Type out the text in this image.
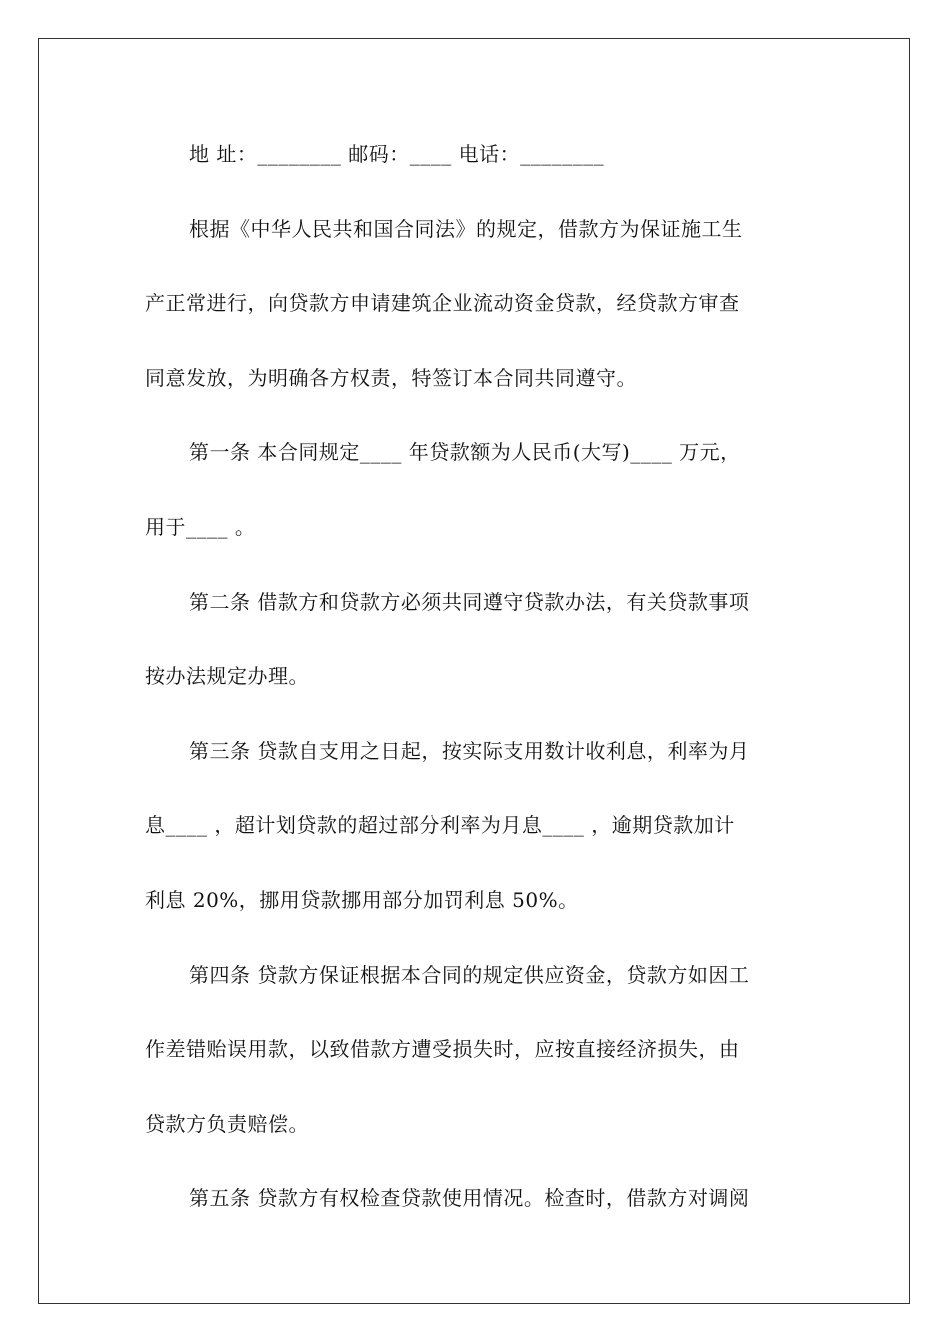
地 址：________ 邮码：____ 电话：________
根据《中华人民共和国合同法》的规定，借款方为保证施工生
产正常进行，向贷款方申请建筑企业流动资金贷款，经贷款方审查
同意发放，为明确各方权责，特签订本合同共同遵守。
第一条 本合同规定____ 年贷款额为人民币(大写)____ 万元，
用于____ 。
第二条 借款方和贷款方必须共同遵守贷款办法，有关贷款事项
按办法规定办理。
第三条 贷款自支用之日起，按实际支用数计收利息，利率为月
息____ ，超计划贷款的超过部分利率为月息____ ，逾期贷款加计
利息 20%，挪用贷款挪用部分加罚利息 50%。
第四条 贷款方保证根据本合同的规定供应资金，贷款方如因工
作差错贻误用款，以致借款方遭受损失时，应按直接经济损失，由
贷款方负责赔偿。
第五条 贷款方有权检查贷款使用情况。检查时，借款方对调阅
